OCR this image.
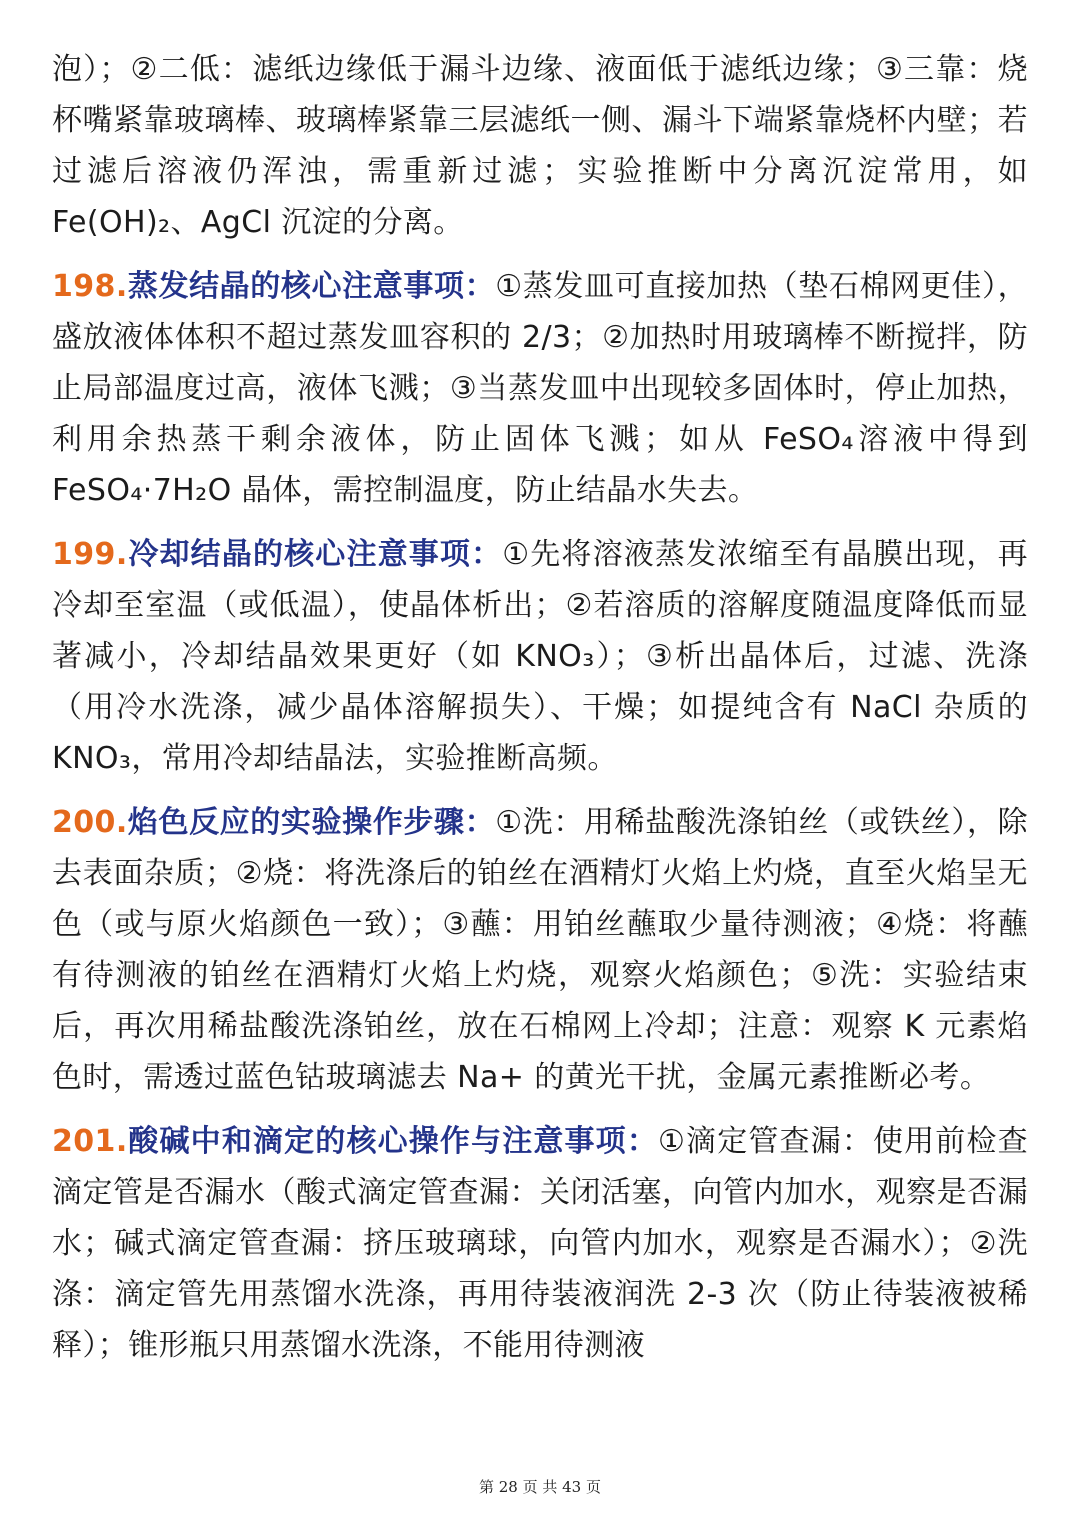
泡）；②二低：滤纸边缘低于漏斗边缘、液面低于滤纸边缘；③三靠：烧杯嘴紧靠玻璃棒、玻璃棒紧靠三层滤纸一侧、漏斗下端紧靠烧杯内壁；若过滤后溶液仍浑浊，需重新过滤；实验推断中分离沉淀常用，如 Fe(OH)₂、AgCl 沉淀的分离。

198.蒸发结晶的核心注意事项：①蒸发皿可直接加热（垫石棉网更佳），盛放液体体积不超过蒸发皿容积的 2/3；②加热时用玻璃棒不断搅拌，防止局部温度过高，液体飞溅；③当蒸发皿中出现较多固体时，停止加热，利用余热蒸干剩余液体，防止固体飞溅；如从 FeSO₄溶液中得到 FeSO₄·7H₂O 晶体，需控制温度，防止结晶水失去。

199.冷却结晶的核心注意事项：①先将溶液蒸发浓缩至有晶膜出现，再冷却至室温（或低温），使晶体析出；②若溶质的溶解度随温度降低而显著减小，冷却结晶效果更好（如 KNO₃）；③析出晶体后，过滤、洗涤（用冷水洗涤，减少晶体溶解损失）、干燥；如提纯含有 NaCl 杂质的 KNO₃，常用冷却结晶法，实验推断高频。

200.焰色反应的实验操作步骤：①洗：用稀盐酸洗涤铂丝（或铁丝），除去表面杂质；②烧：将洗涤后的铂丝在酒精灯火焰上灼烧，直至火焰呈无色（或与原火焰颜色一致）；③蘸：用铂丝蘸取少量待测液；④烧：将蘸有待测液的铂丝在酒精灯火焰上灼烧，观察火焰颜色；⑤洗：实验结束后，再次用稀盐酸洗涤铂丝，放在石棉网上冷却；注意：观察 K 元素焰色时，需透过蓝色钴玻璃滤去 Na+ 的黄光干扰，金属元素推断必考。

201.酸碱中和滴定的核心操作与注意事项：①滴定管查漏：使用前检查滴定管是否漏水（酸式滴定管查漏：关闭活塞，向管内加水，观察是否漏水；碱式滴定管查漏：挤压玻璃球，向管内加水，观察是否漏水）；②洗涤：滴定管先用蒸馏水洗涤，再用待装液润洗 2-3 次（防止待装液被稀释）；锥形瓶只用蒸馏水洗涤，不能用待测液

第 28 页 共 43 页
